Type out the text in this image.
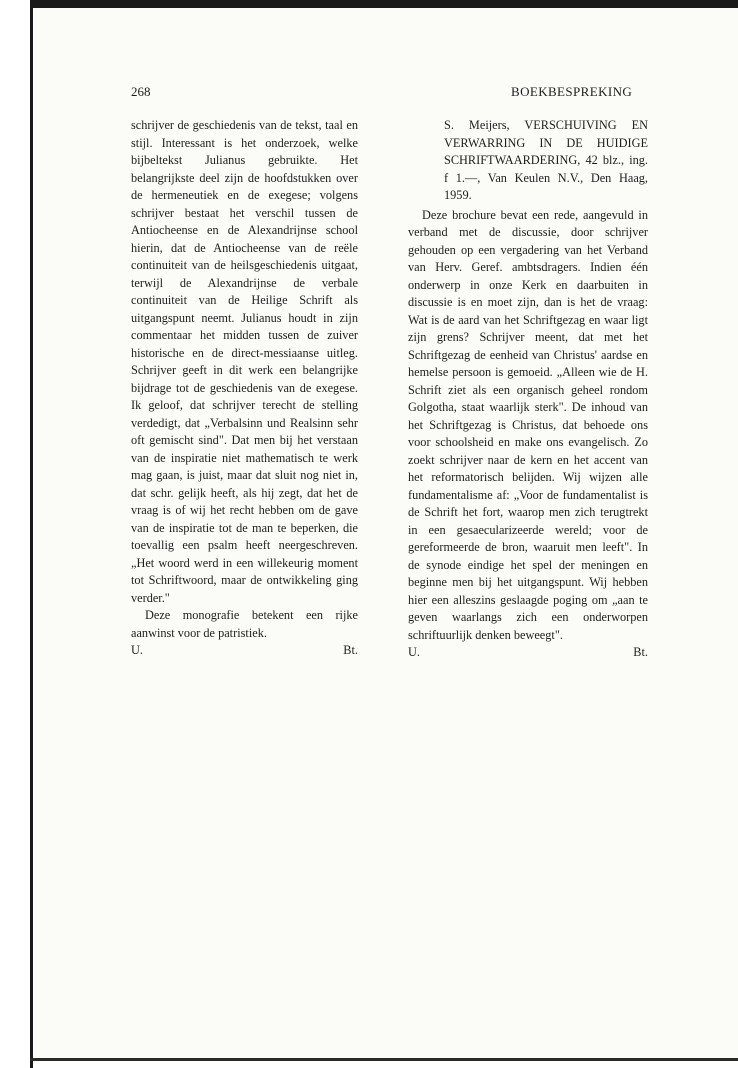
268	BOEKBESPREKING

schrijver de geschiedenis van de tekst, taal en stijl. Interessant is het onderzoek, welke bijbeltekst Julianus gebruikte. Het belangrijkste deel zijn de hoofdstukken over de hermeneutiek en de exegese; volgens schrijver bestaat het verschil tussen de Antiocheense en de Alexandrijnse school hierin, dat de Antiocheense van de reële continuiteit van de heilsgeschiedenis uitgaat, terwijl de Alexandrijnse de verbale continuiteit van de Heilige Schrift als uitgangspunt neemt. Julianus houdt in zijn commentaar het midden tussen de zuiver historische en de direct-messiaanse uitleg. Schrijver geeft in dit werk een belangrijke bijdrage tot de geschiedenis van de exegese. Ik geloof, dat schrijver terecht de stelling verdedigt, dat „Verbalsinn und Realsinn sehr oft gemischt sind". Dat men bij het verstaan van de inspiratie niet mathematisch te werk mag gaan, is juist, maar dat sluit nog niet in, dat schr. gelijk heeft, als hij zegt, dat het de vraag is of wij het recht hebben om de gave van de inspiratie tot de man te beperken, die toevallig een psalm heeft neergeschreven. „Het woord werd in een willekeurig moment tot Schriftwoord, maar de ontwikkeling ging verder."

Deze monografie betekent een rijke aanwinst voor de patristiek.

U.	Bt.

S. Meijers, VERSCHUIVING EN VERWARRING IN DE HUIDIGE SCHRIFTWAARDERING, 42 blz., ing. f 1.—, Van Keulen N.V., Den Haag, 1959.

Deze brochure bevat een rede, aangevuld in verband met de discussie, door schrijver gehouden op een vergadering van het Verband van Herv. Geref. ambtsdragers. Indien één onderwerp in onze Kerk en daarbuiten in discussie is en moet zijn, dan is het de vraag: Wat is de aard van het Schriftgezag en waar ligt zijn grens? Schrijver meent, dat met het Schriftgezag de eenheid van Christus' aardse en hemelse persoon is gemoeid. „Alleen wie de H. Schrift ziet als een organisch geheel rondom Golgotha, staat waarlijk sterk". De inhoud van het Schriftgezag is Christus, dat behoede ons voor schoolsheid en make ons evangelisch. Zo zoekt schrijver naar de kern en het accent van het reformatorisch belijden. Wij wijzen alle fundamentalisme af: „Voor de fundamentalist is de Schrift het fort, waarop men zich terugtrekt in een gesaecularizeerde wereld; voor de gereformeerde de bron, waaruit men leeft". In de synode eindige het spel der meningen en beginne men bij het uitgangspunt. Wij hebben hier een alleszins geslaagde poging om „aan te geven waarlangs zich een onderworpen schriftuurlijk denken beweegt".

U.	Bt.
